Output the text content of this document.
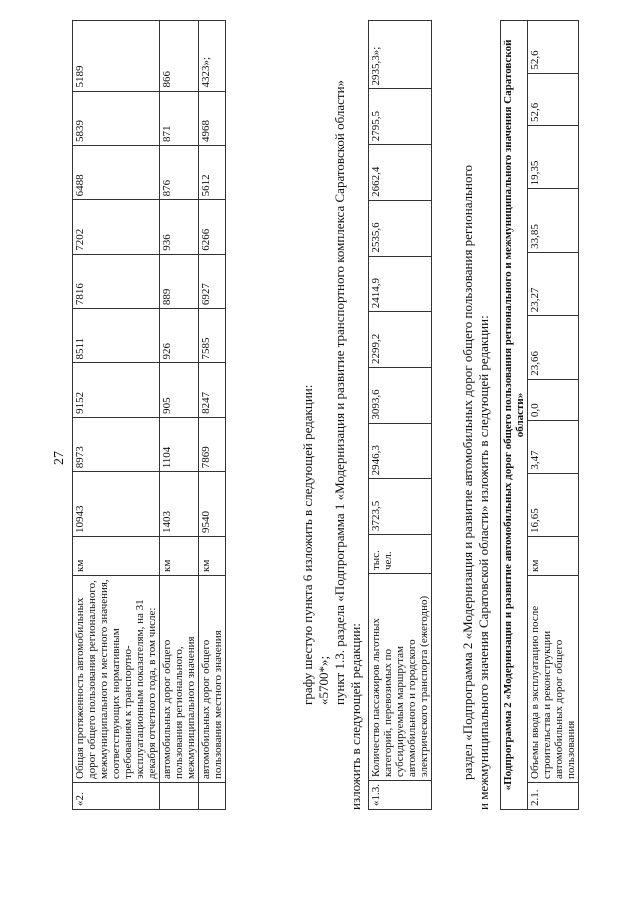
27
«2.	Общая протяженность автомобильных дорог общего пользования регионального, межмуниципального и местного значения, соответствующих нормативным требованиям к транспортно-эксплуатационным показателям, на 31 декабря отчетного года, в том числе:	км	10943	8973	9152	8511	7816	7202	6488	5839	5189
	автомобильных дорог общего пользования регионального, межмуниципального значения	км	1403	1104	905	926	889	936	876	871	866
	автомобильных дорог общего пользования местного значения	км	9540	7869	8247	7585	6927	6266	5612	4968	4323»;
графу шестую пункта 6 изложить в следующей редакции: «5700*»; пункт 1.3. раздела «Подпрограмма 1 «Модернизация и развитие транспортного комплекса Саратовской области»
изложить в следующей редакции: «1.3.	Количество пассажиров льготных категорий, перевозимых по субсидируемым маршрутам автомобильного и городского электрического транспорта (ежегодно)	тыс. чел.	3723,5	2946,3	3093,6	2299,2	2414,9	2535,6	2662,4	2795,5	2935,3»;
раздел «Подпрограмма 2 «Модернизация и развитие автомобильных дорог общего пользования регионального и межмуниципального значения Саратовской области» изложить в следующей редакции: «Подпрограмма 2 «Модернизация и развитие автомобильных дорог общего пользования регионального и межмуниципального значения Саратовской области»
2.1.	Объемы ввода в эксплуатацию после строительства и реконструкции автомобильных дорог общего пользования	км	16,65	3,47	0,0	23,66	23,27	33,85	19,35	52,6	52,6
